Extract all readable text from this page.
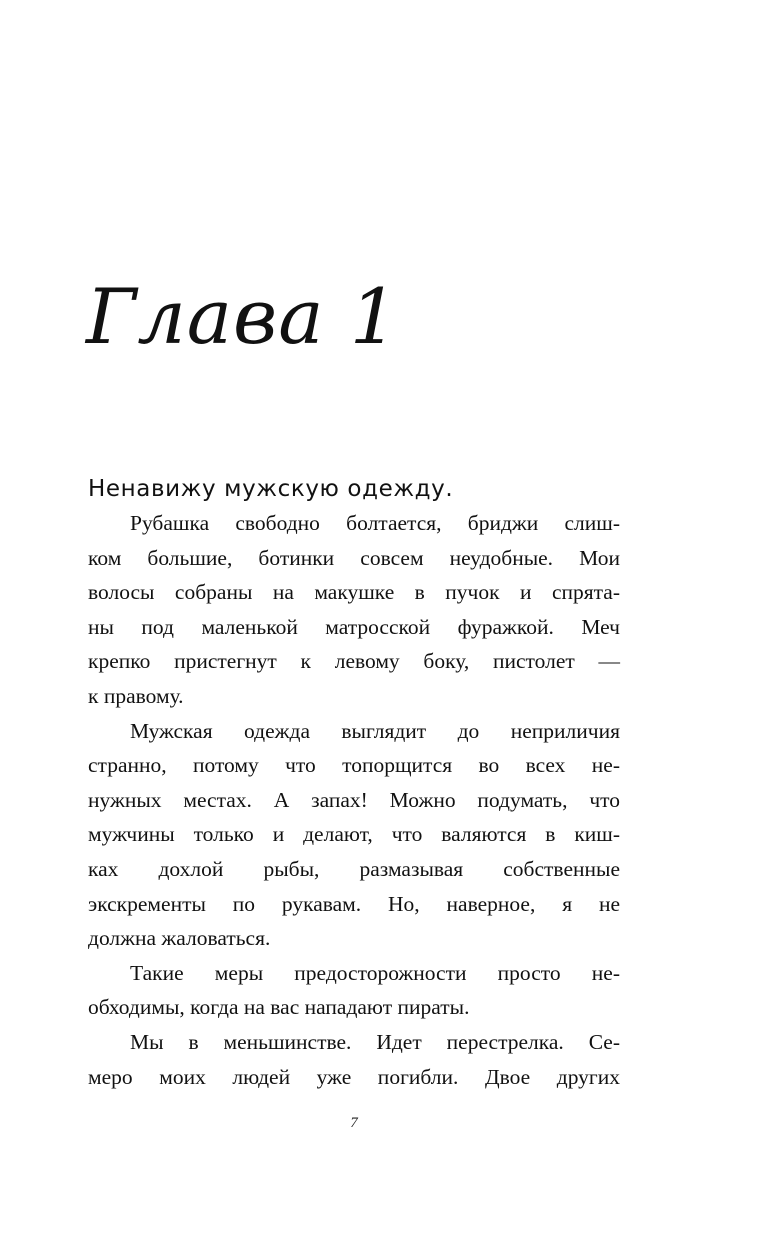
Глава 1

Ненавижу мужскую одежду.

Рубашка свободно болтается, бриджи слиш-
ком большие, ботинки совсем неудобные. Мои
волосы собраны на макушке в пучок и спрята-
ны под маленькой матросской фуражкой. Меч
крепко пристегнут к левому боку, пистолет —
к правому.

Мужская одежда выглядит до неприличия
странно, потому что топорщится во всех не-
нужных местах. А запах! Можно подумать, что
мужчины только и делают, что валяются в киш-
ках дохлой рыбы, размазывая собственные
экскременты по рукавам. Но, наверное, я не
должна жаловаться.

Такие меры предосторожности просто не-
обходимы, когда на вас нападают пираты.

Мы в меньшинстве. Идет перестрелка. Се-
меро моих людей уже погибли. Двое других

7
